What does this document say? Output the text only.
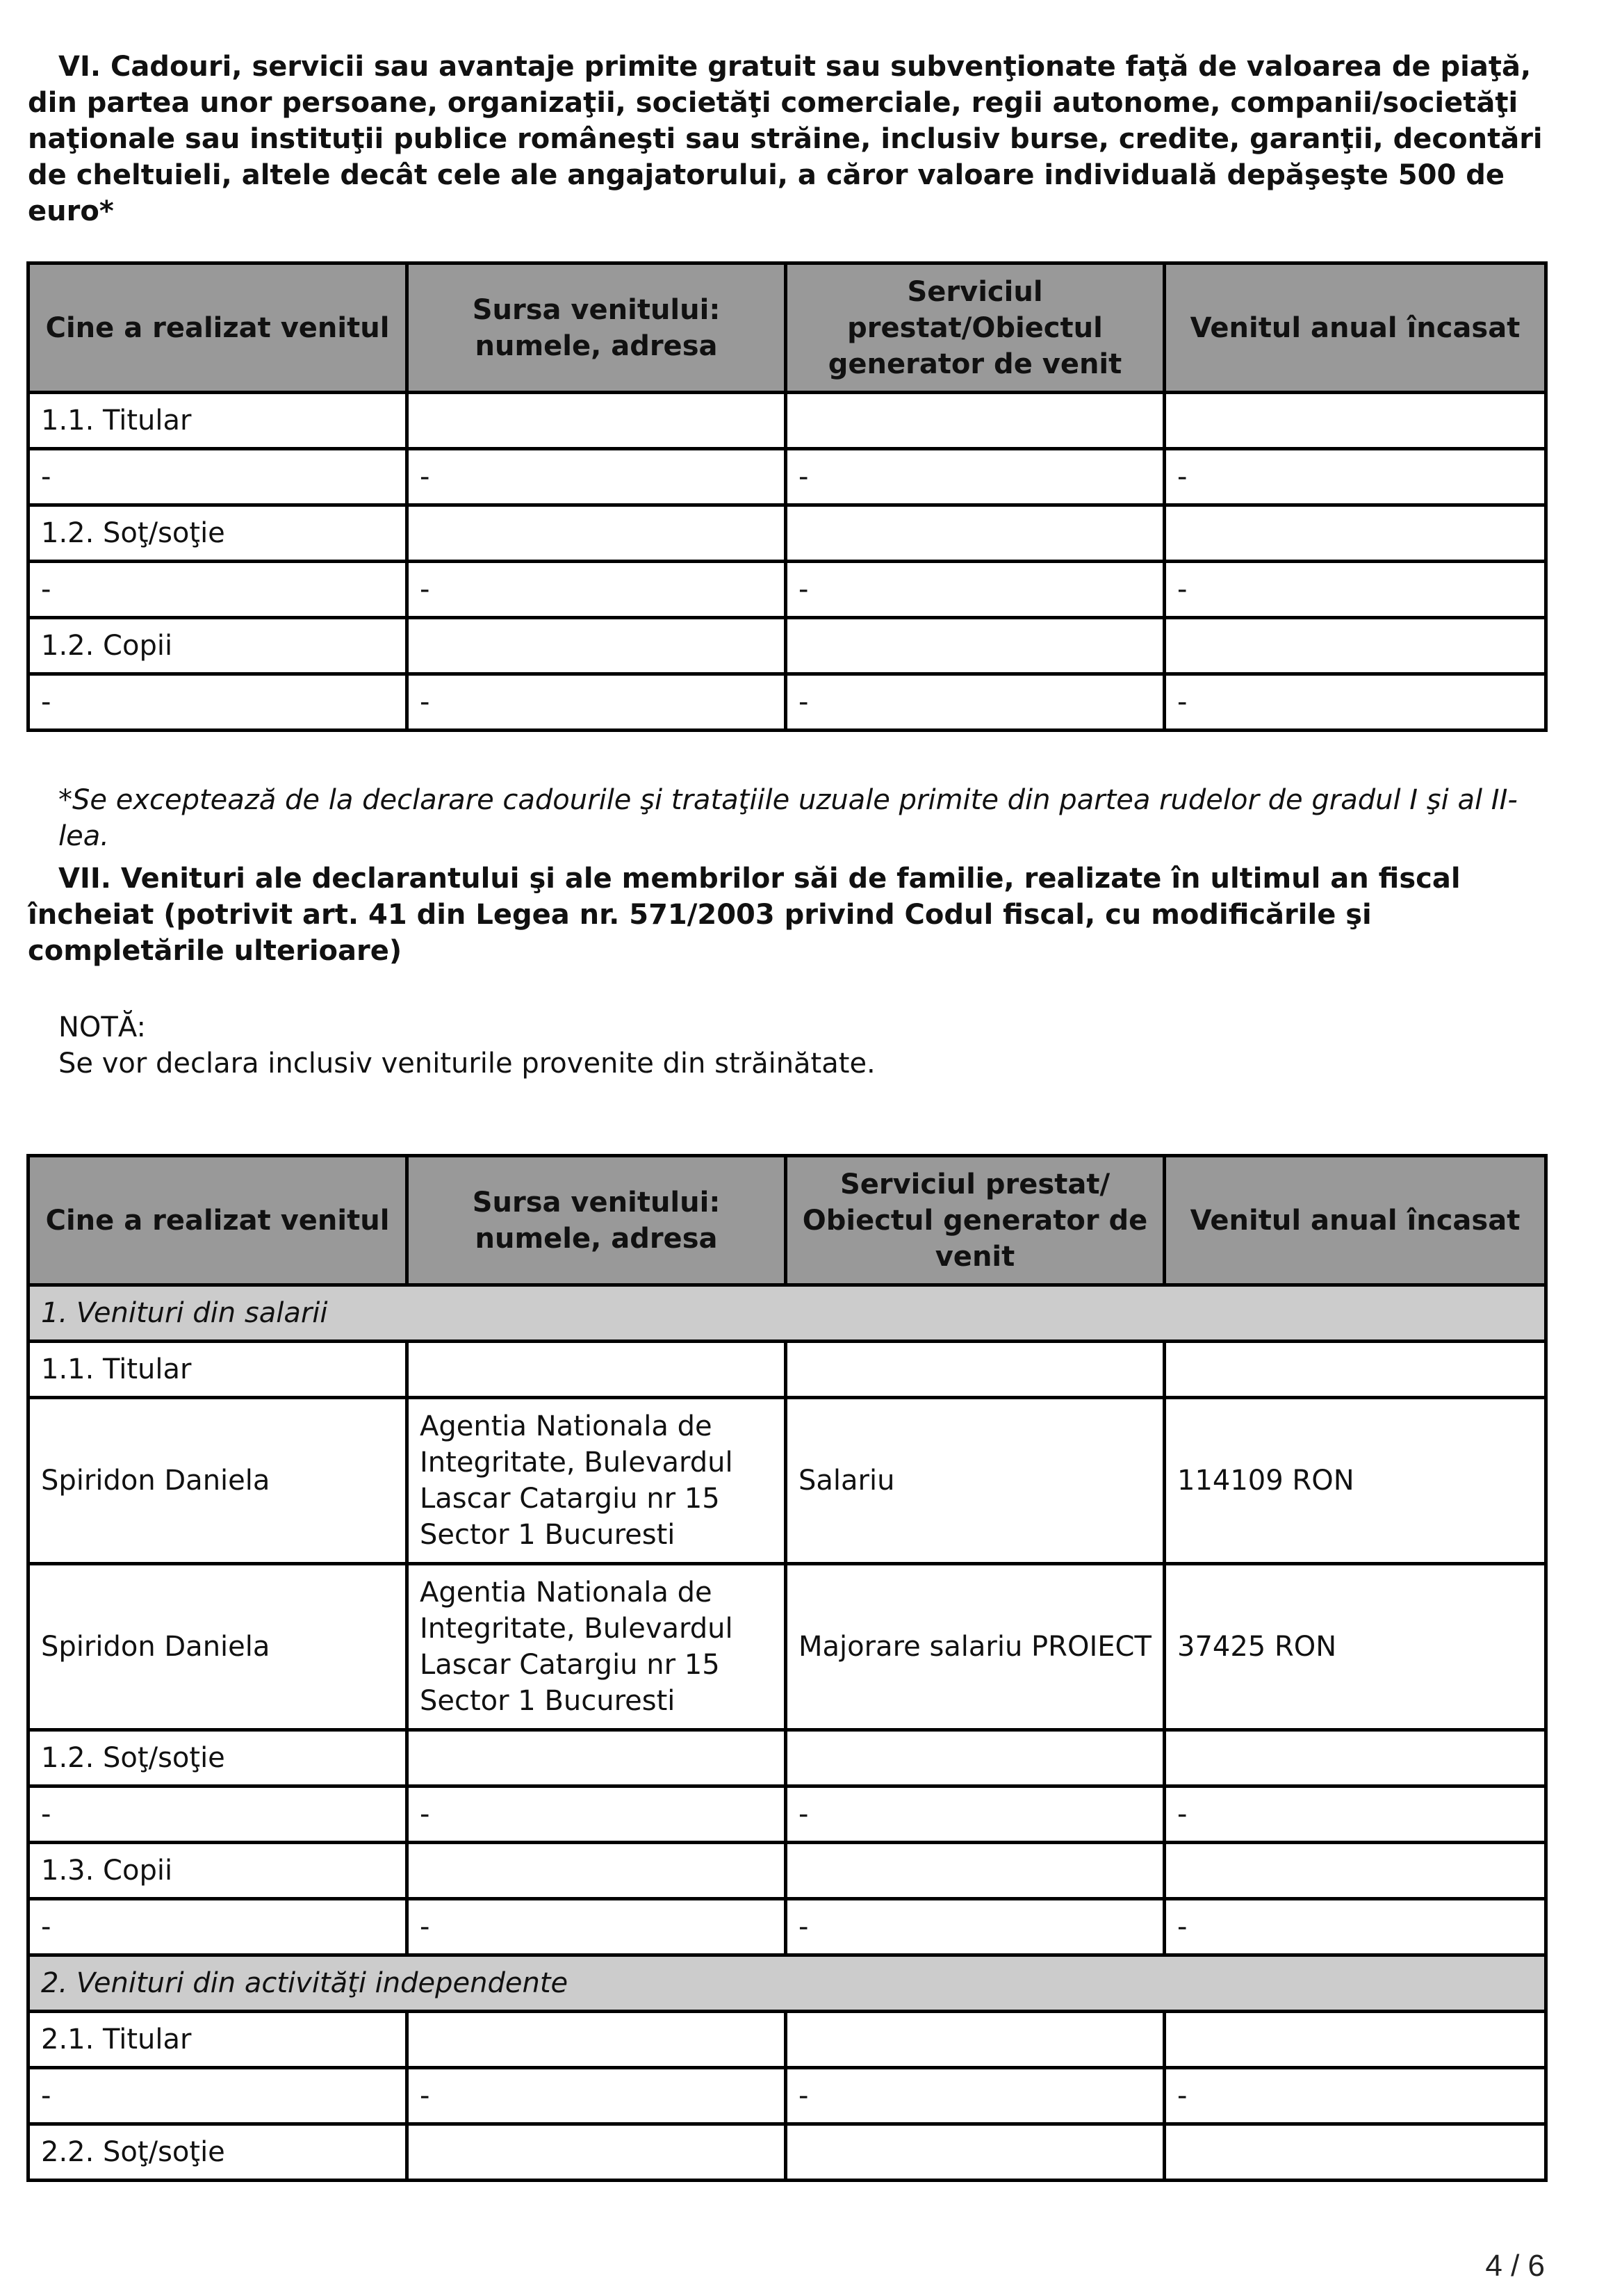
VI. Cadouri, servicii sau avantaje primite gratuit sau subvenţionate faţă de valoarea de piaţă, din partea unor persoane, organizaţii, societăţi comerciale, regii autonome, companii/societăţi naţionale sau instituţii publice româneşti sau străine, inclusiv burse, credite, garanţii, decontări de cheltuieli, altele decât cele ale angajatorului, a căror valoare individuală depăşeşte 500 de euro*

Cine a realizat venitul	Sursa venitului: numele, adresa	Serviciul prestat/Obiectul generator de venit	Venitul anual încasat
1.1. Titular			
-	-	-	-
1.2. Soţ/soţie			
-	-	-	-
1.2. Copii			
-	-	-	-

*Se exceptează de la declarare cadourile şi trataţiile uzuale primite din partea rudelor de gradul I şi al II-lea.

VII. Venituri ale declarantului şi ale membrilor săi de familie, realizate în ultimul an fiscal încheiat (potrivit art. 41 din Legea nr. 571/2003 privind Codul fiscal, cu modificările şi completările ulterioare)

NOTĂ:
Se vor declara inclusiv veniturile provenite din străinătate.
Cine a realizat venitul	Sursa venitului: numele, adresa	Serviciul prestat/ Obiectul generator de venit	Venitul anual încasat
1. Venituri din salarii			
1.1. Titular			
Spiridon Daniela	Agentia Nationala de Integritate, Bulevardul Lascar Catargiu nr 15 Sector 1 Bucuresti	Salariu	114109 RON
Spiridon Daniela	Agentia Nationala de Integritate, Bulevardul Lascar Catargiu nr 15 Sector 1 Bucuresti	Majorare salariu PROIECT	37425 RON
1.2. Soţ/soţie			
-	-	-	-
1.3. Copii			
-	-	-	-
2. Venituri din activităţi independente			
2.1. Titular			
-	-	-	-
2.2. Soţ/soţie			
4 / 6
